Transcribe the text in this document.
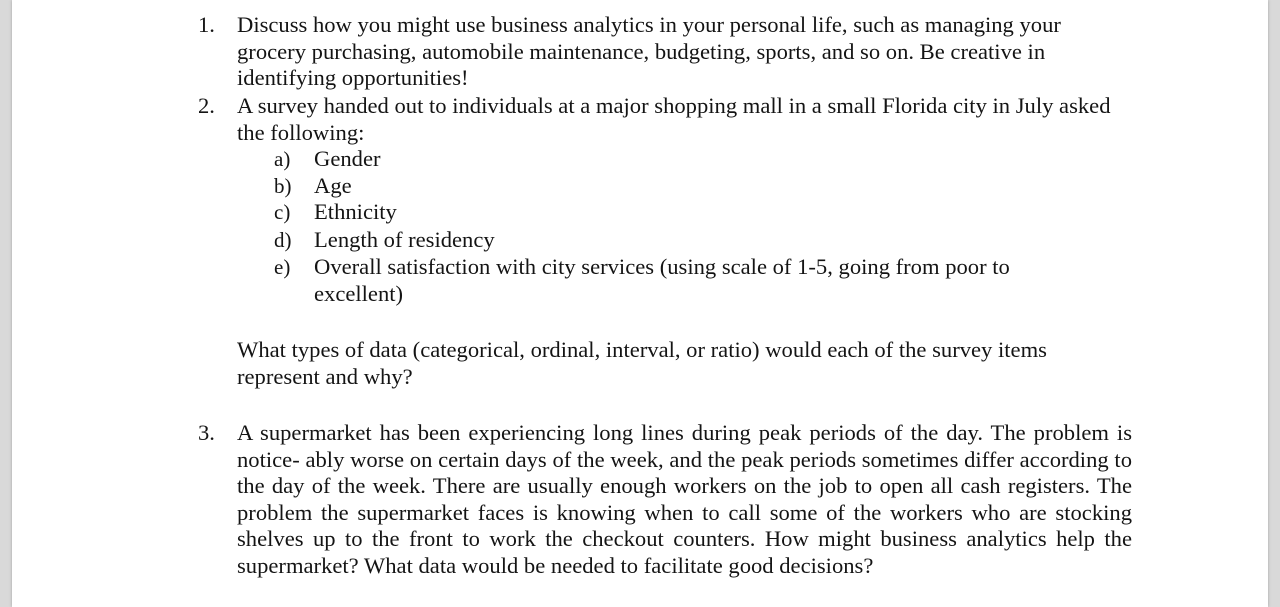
1. Discuss how you might use business analytics in your personal life, such as managing your grocery purchasing, automobile maintenance, budgeting, sports, and so on. Be creative in identifying opportunities!
2. A survey handed out to individuals at a major shopping mall in a small Florida city in July asked the following:
a)	Gender
b) Age
c)	Ethnicity
d) Length of residency
e)	Overall satisfaction with city services (using scale of 1-5, going from poor to excellent)
What types of data (categorical, ordinal, interval, or ratio) would each of the survey items represent and why?
3. A supermarket has been experiencing long lines during peak periods of the day. The problem is notice- ably worse on certain days of the week, and the peak periods sometimes differ according to the day of the week. There are usually enough workers on the job to open all cash registers. The problem the supermarket faces is knowing when to call some of the workers who are stocking shelves up to the front to work the checkout counters. How might business analytics help the supermarket? What data would be needed to facilitate good decisions?
